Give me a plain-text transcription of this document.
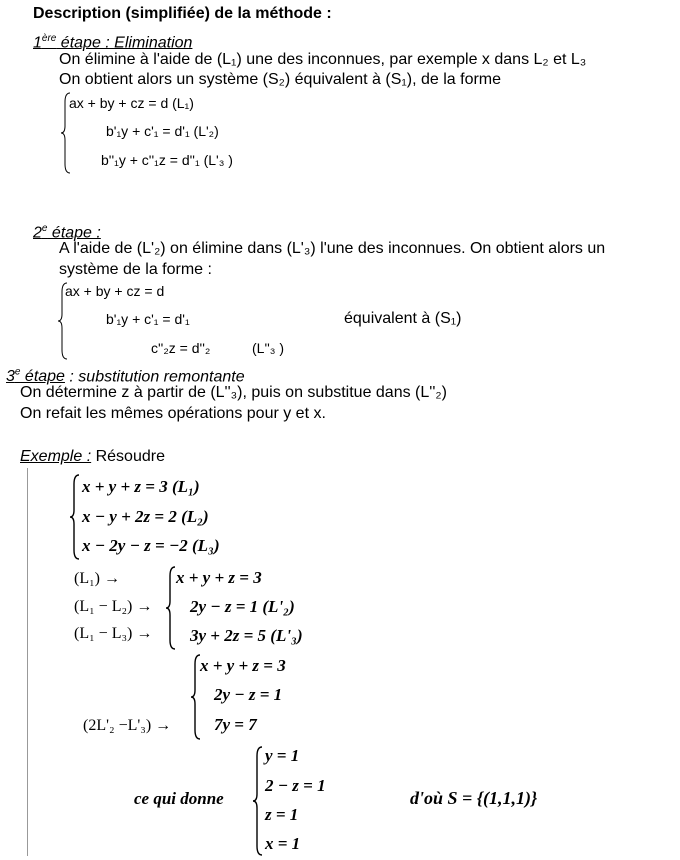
Description (simplifiée) de la méthode :
1ère étape : Elimination
On élimine à l'aide de (L₁) une des inconnues, par exemple x dans L₂ et L₃
On obtient alors un système (S₂) équivalent à (S₁), de la forme
ax + by + cz = d (L₁)
b'₁y + c'₁ = d'₁ (L'₂)
b''₁y + c''₁z = d''₁ (L'₃ )
2e étape :
A l'aide de (L'₂) on élimine dans (L'₃) l'une des inconnues. On obtient alors un
système de la forme :
ax + by + cz = d
b'₁y + c'₁ = d'₁
c''₂z = d''₂	(L''₃ )
équivalent à (S₁)
3e étape : substitution remontante
On détermine z à partir de (L''₃), puis on substitue dans (L''₂)
On refait les mêmes opérations pour y et x.
Exemple : Résoudre
x + y + z = 3 (L₁)
x − y + 2z = 2 (L₂)
x − 2y − z = −2 (L₃)
(L₁) →
(L₁ − L₂) →
(L₁ − L₃) →
x + y + z = 3
2y − z = 1 (L'₂)
3y + 2z = 5 (L'₃)
x + y + z = 3
2y − z = 1
7y = 7
(2L'₂ −L'₃) →
ce qui donne
y = 1
2 − z = 1
z = 1
x = 1
d'où S = {(1,1,1)}
